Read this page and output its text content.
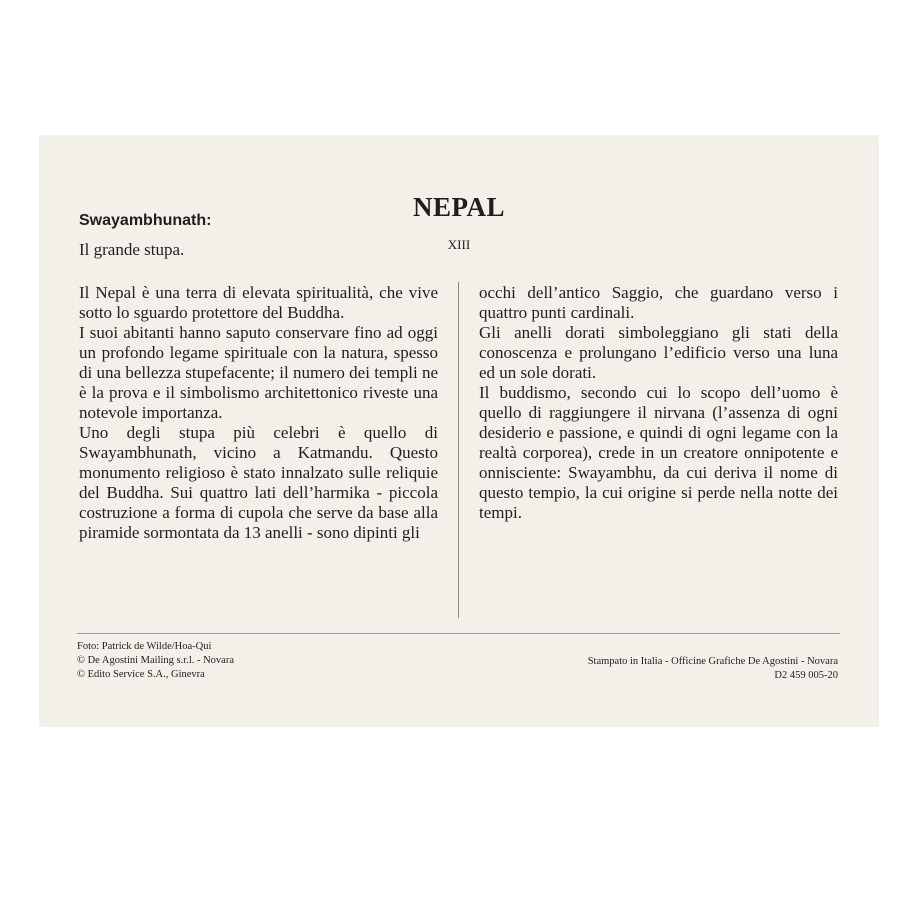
NEPAL
XIII
Swayambhunath:
Il grande stupa.

Il Nepal è una terra di elevata spiritualità, che vive sotto lo sguardo protettore del Buddha.

I suoi abitanti hanno saputo conservare fino ad oggi un profondo legame spirituale con la natura, spesso di una bellezza stupefacente; il numero dei templi ne è la prova e il simbolismo architettonico riveste una notevole importanza.

Uno degli stupa più celebri è quello di Swayambhunath, vicino a Katmandu. Questo monumento religioso è stato innalzato sulle reliquie del Buddha. Sui quattro lati dell’harmika - piccola costruzione a forma di cupola che serve da base alla piramide sormontata da 13 anelli - sono dipinti gli

occhi dell’antico Saggio, che guardano verso i quattro punti cardinali.

Gli anelli dorati simboleggiano gli stati della conoscenza e prolungano l’edificio verso una luna ed un sole dorati.

Il buddismo, secondo cui lo scopo dell’uomo è quello di raggiungere il nirvana (l’assenza di ogni desiderio e passione, e quindi di ogni legame con la realtà corporea), crede in un creatore onnipotente e onnisciente: Swayambhu, da cui deriva il nome di questo tempio, la cui origine si perde nella notte dei tempi.

Foto: Patrick de Wilde/Hoa-Qui
© De Agostini Mailing s.r.l. - Novara
© Edito Service S.A., Ginevra
Stampato in Italia - Officine Grafiche De Agostini - Novara
D2 459 005-20
